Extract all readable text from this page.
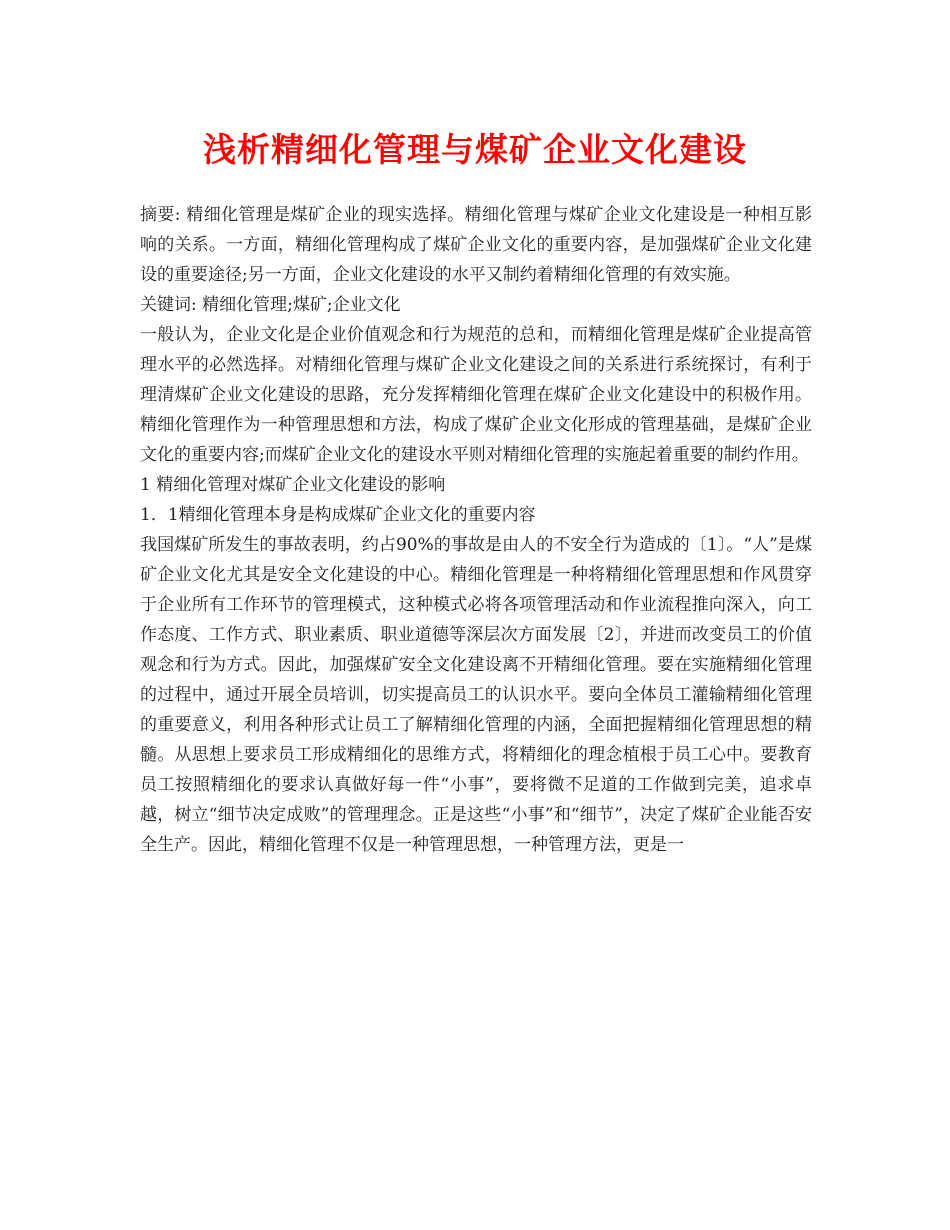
浅析精细化管理与煤矿企业文化建设

摘要: 精细化管理是煤矿企业的现实选择。精细化管理与煤矿企业文化建设是一种相互影响的关系。一方面，精细化管理构成了煤矿企业文化的重要内容，是加强煤矿企业文化建设的重要途径;另一方面，企业文化建设的水平又制约着精细化管理的有效实施。

关键词: 精细化管理;煤矿;企业文化

一般认为，企业文化是企业价值观念和行为规范的总和，而精细化管理是煤矿企业提高管理水平的必然选择。对精细化管理与煤矿企业文化建设之间的关系进行系统探讨，有利于理清煤矿企业文化建设的思路，充分发挥精细化管理在煤矿企业文化建设中的积极作用。精细化管理作为一种管理思想和方法，构成了煤矿企业文化形成的管理基础，是煤矿企业文化的重要内容;而煤矿企业文化的建设水平则对精细化管理的实施起着重要的制约作用。

1 精细化管理对煤矿企业文化建设的影响

1．1精细化管理本身是构成煤矿企业文化的重要内容

我国煤矿所发生的事故表明，约占90%的事故是由人的不安全行为造成的〔1〕。“人”是煤矿企业文化尤其是安全文化建设的中心。精细化管理是一种将精细化管理思想和作风贯穿于企业所有工作环节的管理模式，这种模式必将各项管理活动和作业流程推向深入，向工作态度、工作方式、职业素质、职业道德等深层次方面发展〔2〕，并进而改变员工的价值观念和行为方式。因此，加强煤矿安全文化建设离不开精细化管理。要在实施精细化管理的过程中，通过开展全员培训，切实提高员工的认识水平。要向全体员工灌输精细化管理的重要意义，利用各种形式让员工了解精细化管理的内涵，全面把握精细化管理思想的精髓。从思想上要求员工形成精细化的思维方式，将精细化的理念植根于员工心中。要教育员工按照精细化的要求认真做好每一件“小事”，要将微不足道的工作做到完美，追求卓越，树立“细节决定成败”的管理理念。正是这些“小事”和“细节”，决定了煤矿企业能否安全生产。因此，精细化管理不仅是一种管理思想，一种管理方法，更是一
